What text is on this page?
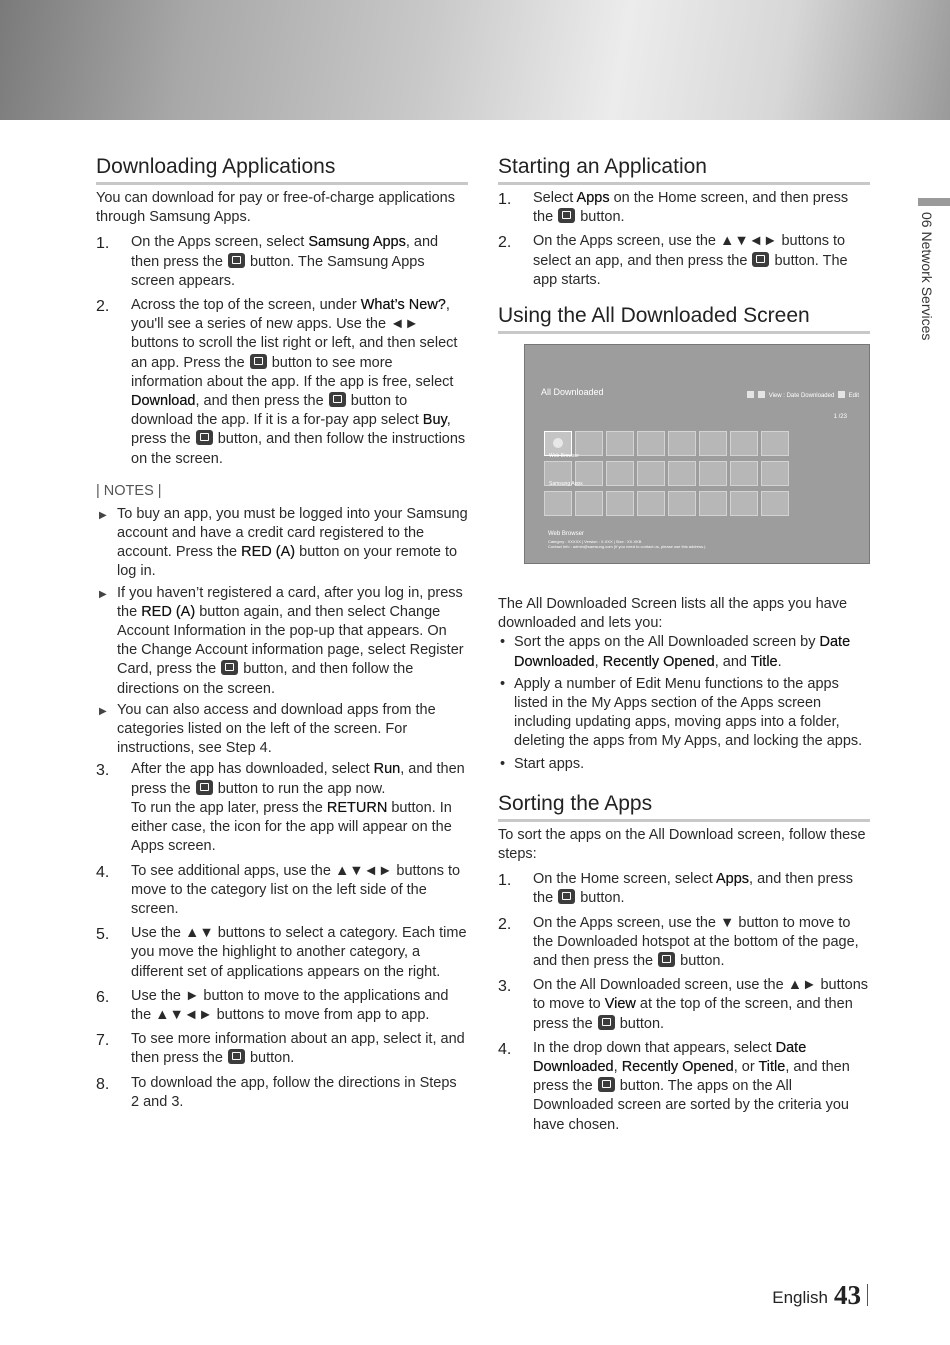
Downloading Applications

You can download for pay or free-of-charge applications through Samsung Apps.

1. On the Apps screen, select Samsung Apps, and then press the  button. The Samsung Apps screen appears.
2. Across the top of the screen, under What’s New?, you'll see a series of new apps. Use the ◄► buttons to scroll the list right or left, and then select an app. Press the  button to see more information about the app. If the app is free, select Download, and then press the  button to download the app. If it is a for-pay app select Buy, press the  button, and then follow the instructions on the screen.
| NOTES |
▶ To buy an app, you must be logged into your Samsung account and have a credit card registered to the account. Press the RED (A) button on your remote to log in.
▶ If you haven’t registered a card, after you log in, press the RED (A) button again, and then select Change Account Information in the pop-up that appears. On the Change Account information page, select Register Card, press the  button, and then follow the directions on the screen.
▶ You can also access and download apps from the categories listed on the left of the screen. For instructions, see Step 4.
3. After the app has downloaded, select Run, and then press the  button to run the app now.
To run the app later, press the RETURN button. In either case, the icon for the app will appear on the Apps screen.
4. To see additional apps, use the ▲▼◄► buttons to move to the category list on the left side of the screen.
5. Use the ▲▼ buttons to select a category. Each time you move the highlight to another category, a different set of applications appears on the right.
6. Use the ► button to move to the applications and the ▲▼◄► buttons to move from app to app.
7. To see more information about an app, select it, and then press the  button.
8. To download the app, follow the directions in Steps 2 and 3.
Starting an Application
1. Select Apps on the Home screen, and then press the  button.
2. On the Apps screen, use the ▲▼◄► buttons to select an app, and then press the  button. The app starts.
Using the All Downloaded Screen
All Downloaded	View : Date Downloaded Edit
1 /23
Web Browser
Samsung Apps
Web Browser
Category : XXXXX | Version : X.XXX | Size : XX.XKB
Contact Info : admin@samsung.com (If you need to contact us, please use this address.)

The All Downloaded Screen lists all the apps you have downloaded and lets you:

• Sort the apps on the All Downloaded screen by Date Downloaded, Recently Opened, and Title.
• Apply a number of Edit Menu functions to the apps listed in the My Apps section of the Apps screen including updating apps, moving apps into a folder, deleting the apps from My Apps, and locking the apps.
• Start apps.
Sorting the Apps

To sort the apps on the All Download screen, follow these steps:

1. On the Home screen, select Apps, and then press the  button.
2. On the Apps screen, use the ▼ button to move to the Downloaded hotspot at the bottom of the page, and then press the  button.
3. On the All Downloaded screen, use the ▲► buttons to move to View at the top of the screen, and then press the  button.
4. In the drop down that appears, select Date Downloaded, Recently Opened, or Title, and then press the  button. The apps on the All Downloaded screen are sorted by the criteria you have chosen.
06 Network Services
English 43
